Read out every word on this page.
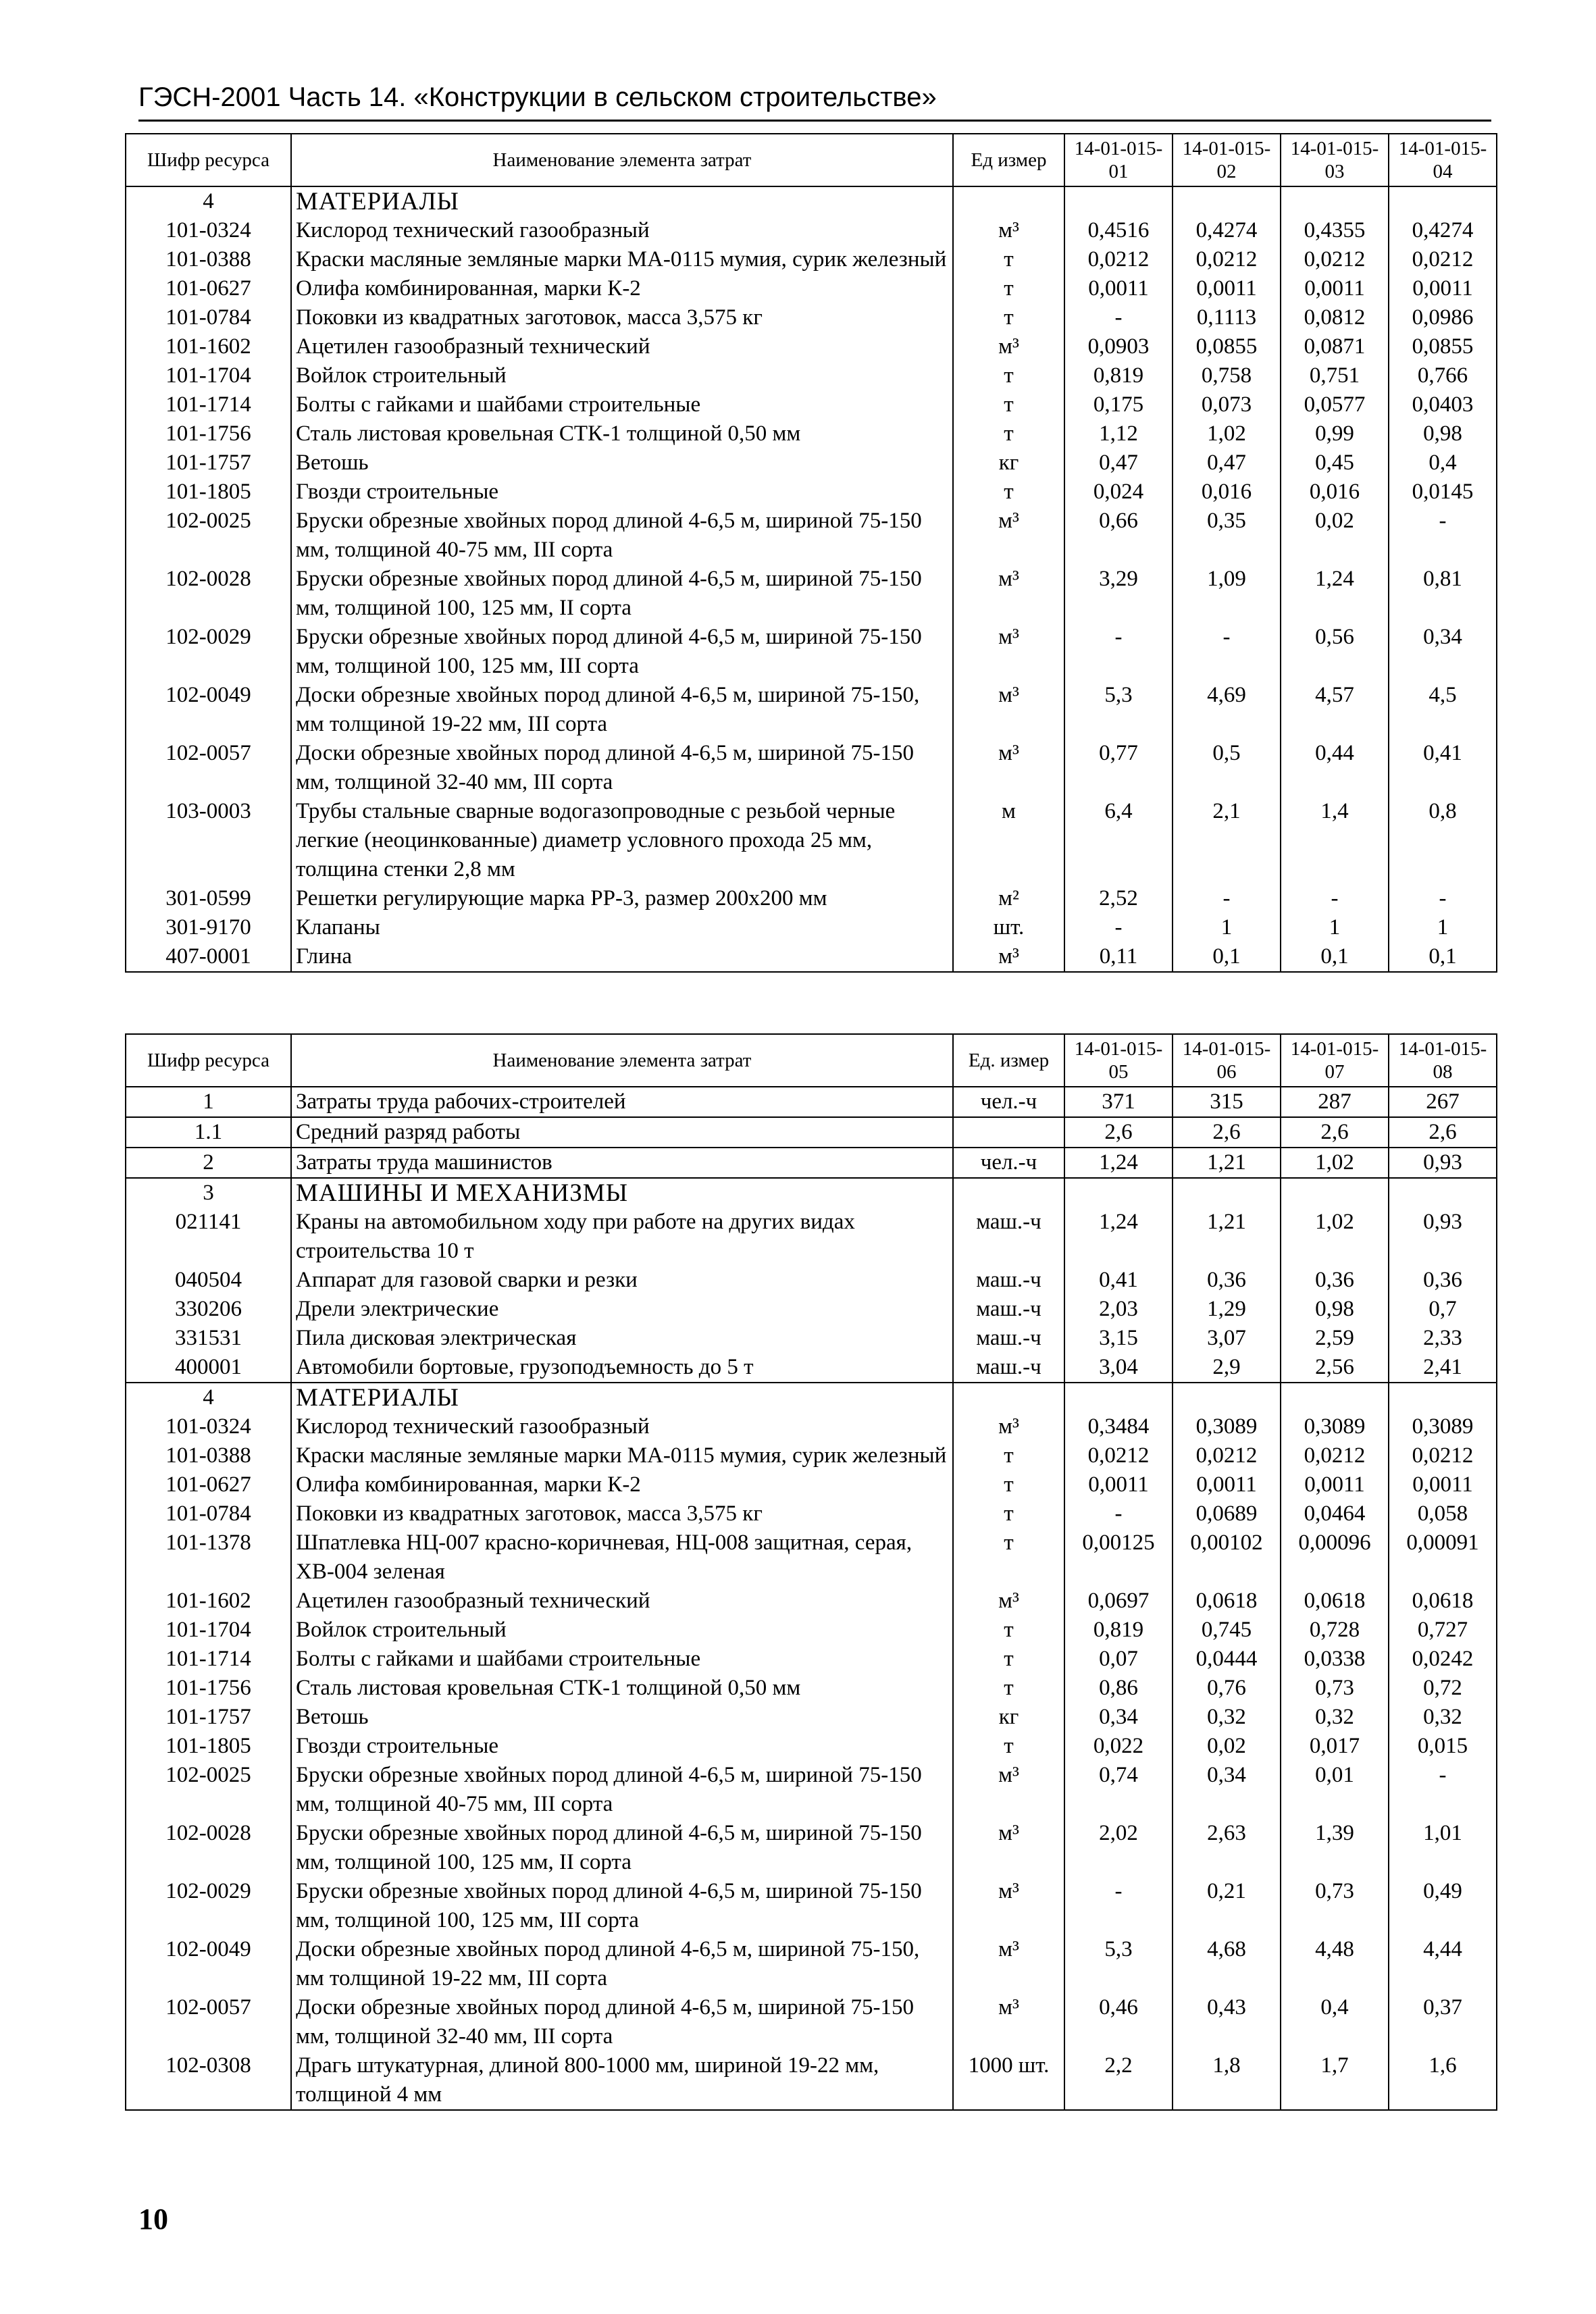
ГЭСН-2001 Часть 14. «Конструкции в сельском строительстве»
Шифр ресурса	Наименование элемента затрат	Ед измер	14-01-015-01	14-01-015-02	14-01-015-03	14-01-015-04
4	МАТЕРИАЛЫ					
101-0324	Кислород технический газообразный	м³	0,4516	0,4274	0,4355	0,4274
101-0388	Краски масляные земляные марки МА-0115 мумия, сурик железный	т	0,0212	0,0212	0,0212	0,0212
101-0627	Олифа комбинированная, марки К-2	т	0,0011	0,0011	0,0011	0,0011
101-0784	Поковки из квадратных заготовок, масса 3,575 кг	т	-	0,1113	0,0812	0,0986
101-1602	Ацетилен газообразный технический	м³	0,0903	0,0855	0,0871	0,0855
101-1704	Войлок строительный	т	0,819	0,758	0,751	0,766
101-1714	Болты с гайками и шайбами строительные	т	0,175	0,073	0,0577	0,0403
101-1756	Сталь листовая кровельная СТК-1 толщиной 0,50 мм	т	1,12	1,02	0,99	0,98
101-1757	Ветошь	кг	0,47	0,47	0,45	0,4
101-1805	Гвозди строительные	т	0,024	0,016	0,016	0,0145
102-0025	Бруски обрезные хвойных пород длиной 4-6,5 м, шириной 75-150 мм, толщиной 40-75 мм, III сорта	м³	0,66	0,35	0,02	-
102-0028	Бруски обрезные хвойных пород длиной 4-6,5 м, шириной 75-150 мм, толщиной 100, 125 мм, II сорта	м³	3,29	1,09	1,24	0,81
102-0029	Бруски обрезные хвойных пород длиной 4-6,5 м, шириной 75-150 мм, толщиной 100, 125 мм, III сорта	м³	-	-	0,56	0,34
102-0049	Доски обрезные хвойных пород длиной 4-6,5 м, шириной 75-150, мм толщиной 19-22 мм, III сорта	м³	5,3	4,69	4,57	4,5
102-0057	Доски обрезные хвойных пород длиной 4-6,5 м, шириной 75-150 мм, толщиной 32-40 мм, III сорта	м³	0,77	0,5	0,44	0,41
103-0003	Трубы стальные сварные водогазопроводные с резьбой черные легкие (неоцинкованные) диаметр условного прохода 25 мм, толщина стенки 2,8 мм	м	6,4	2,1	1,4	0,8
301-0599	Решетки регулирующие марка РР-3, размер 200х200 мм	м²	2,52	-	-	-
301-9170	Клапаны	шт.	-	1	1	1
407-0001	Глина	м³	0,11	0,1	0,1	0,1
Шифр ресурса	Наименование элемента затрат	Ед. измер	14-01-015-05	14-01-015-06	14-01-015-07	14-01-015-08
1	Затраты труда рабочих-строителей	чел.-ч	371	315	287	267
1.1	Средний разряд работы		2,6	2,6	2,6	2,6
2	Затраты труда машинистов	чел.-ч	1,24	1,21	1,02	0,93
3	МАШИНЫ И МЕХАНИЗМЫ					
021141	Краны на автомобильном ходу при работе на других видах строительства 10 т	маш.-ч	1,24	1,21	1,02	0,93
040504	Аппарат для газовой сварки и резки	маш.-ч	0,41	0,36	0,36	0,36
330206	Дрели электрические	маш.-ч	2,03	1,29	0,98	0,7
331531	Пила дисковая электрическая	маш.-ч	3,15	3,07	2,59	2,33
400001	Автомобили бортовые, грузоподъемность до 5 т	маш.-ч	3,04	2,9	2,56	2,41
4	МАТЕРИАЛЫ					
101-0324	Кислород технический газообразный	м³	0,3484	0,3089	0,3089	0,3089
101-0388	Краски масляные земляные марки МА-0115 мумия, сурик железный	т	0,0212	0,0212	0,0212	0,0212
101-0627	Олифа комбинированная, марки К-2	т	0,0011	0,0011	0,0011	0,0011
101-0784	Поковки из квадратных заготовок, масса 3,575 кг	т	-	0,0689	0,0464	0,058
101-1378	Шпатлевка НЦ-007 красно-коричневая, НЦ-008 защитная, серая, ХВ-004 зеленая	т	0,00125	0,00102	0,00096	0,00091
101-1602	Ацетилен газообразный технический	м³	0,0697	0,0618	0,0618	0,0618
101-1704	Войлок строительный	т	0,819	0,745	0,728	0,727
101-1714	Болты с гайками и шайбами строительные	т	0,07	0,0444	0,0338	0,0242
101-1756	Сталь листовая кровельная СТК-1 толщиной 0,50 мм	т	0,86	0,76	0,73	0,72
101-1757	Ветошь	кг	0,34	0,32	0,32	0,32
101-1805	Гвозди строительные	т	0,022	0,02	0,017	0,015
102-0025	Бруски обрезные хвойных пород длиной 4-6,5 м, шириной 75-150 мм, толщиной 40-75 мм, III сорта	м³	0,74	0,34	0,01	-
102-0028	Бруски обрезные хвойных пород длиной 4-6,5 м, шириной 75-150 мм, толщиной 100, 125 мм, II сорта	м³	2,02	2,63	1,39	1,01
102-0029	Бруски обрезные хвойных пород длиной 4-6,5 м, шириной 75-150 мм, толщиной 100, 125 мм, III сорта	м³	-	0,21	0,73	0,49
102-0049	Доски обрезные хвойных пород длиной 4-6,5 м, шириной 75-150, мм толщиной 19-22 мм, III сорта	м³	5,3	4,68	4,48	4,44
102-0057	Доски обрезные хвойных пород длиной 4-6,5 м, шириной 75-150 мм, толщиной 32-40 мм, III сорта	м³	0,46	0,43	0,4	0,37
102-0308	Драгь штукатурная, длиной 800-1000 мм, шириной 19-22 мм, толщиной 4 мм	1000 шт.	2,2	1,8	1,7	1,6
10
